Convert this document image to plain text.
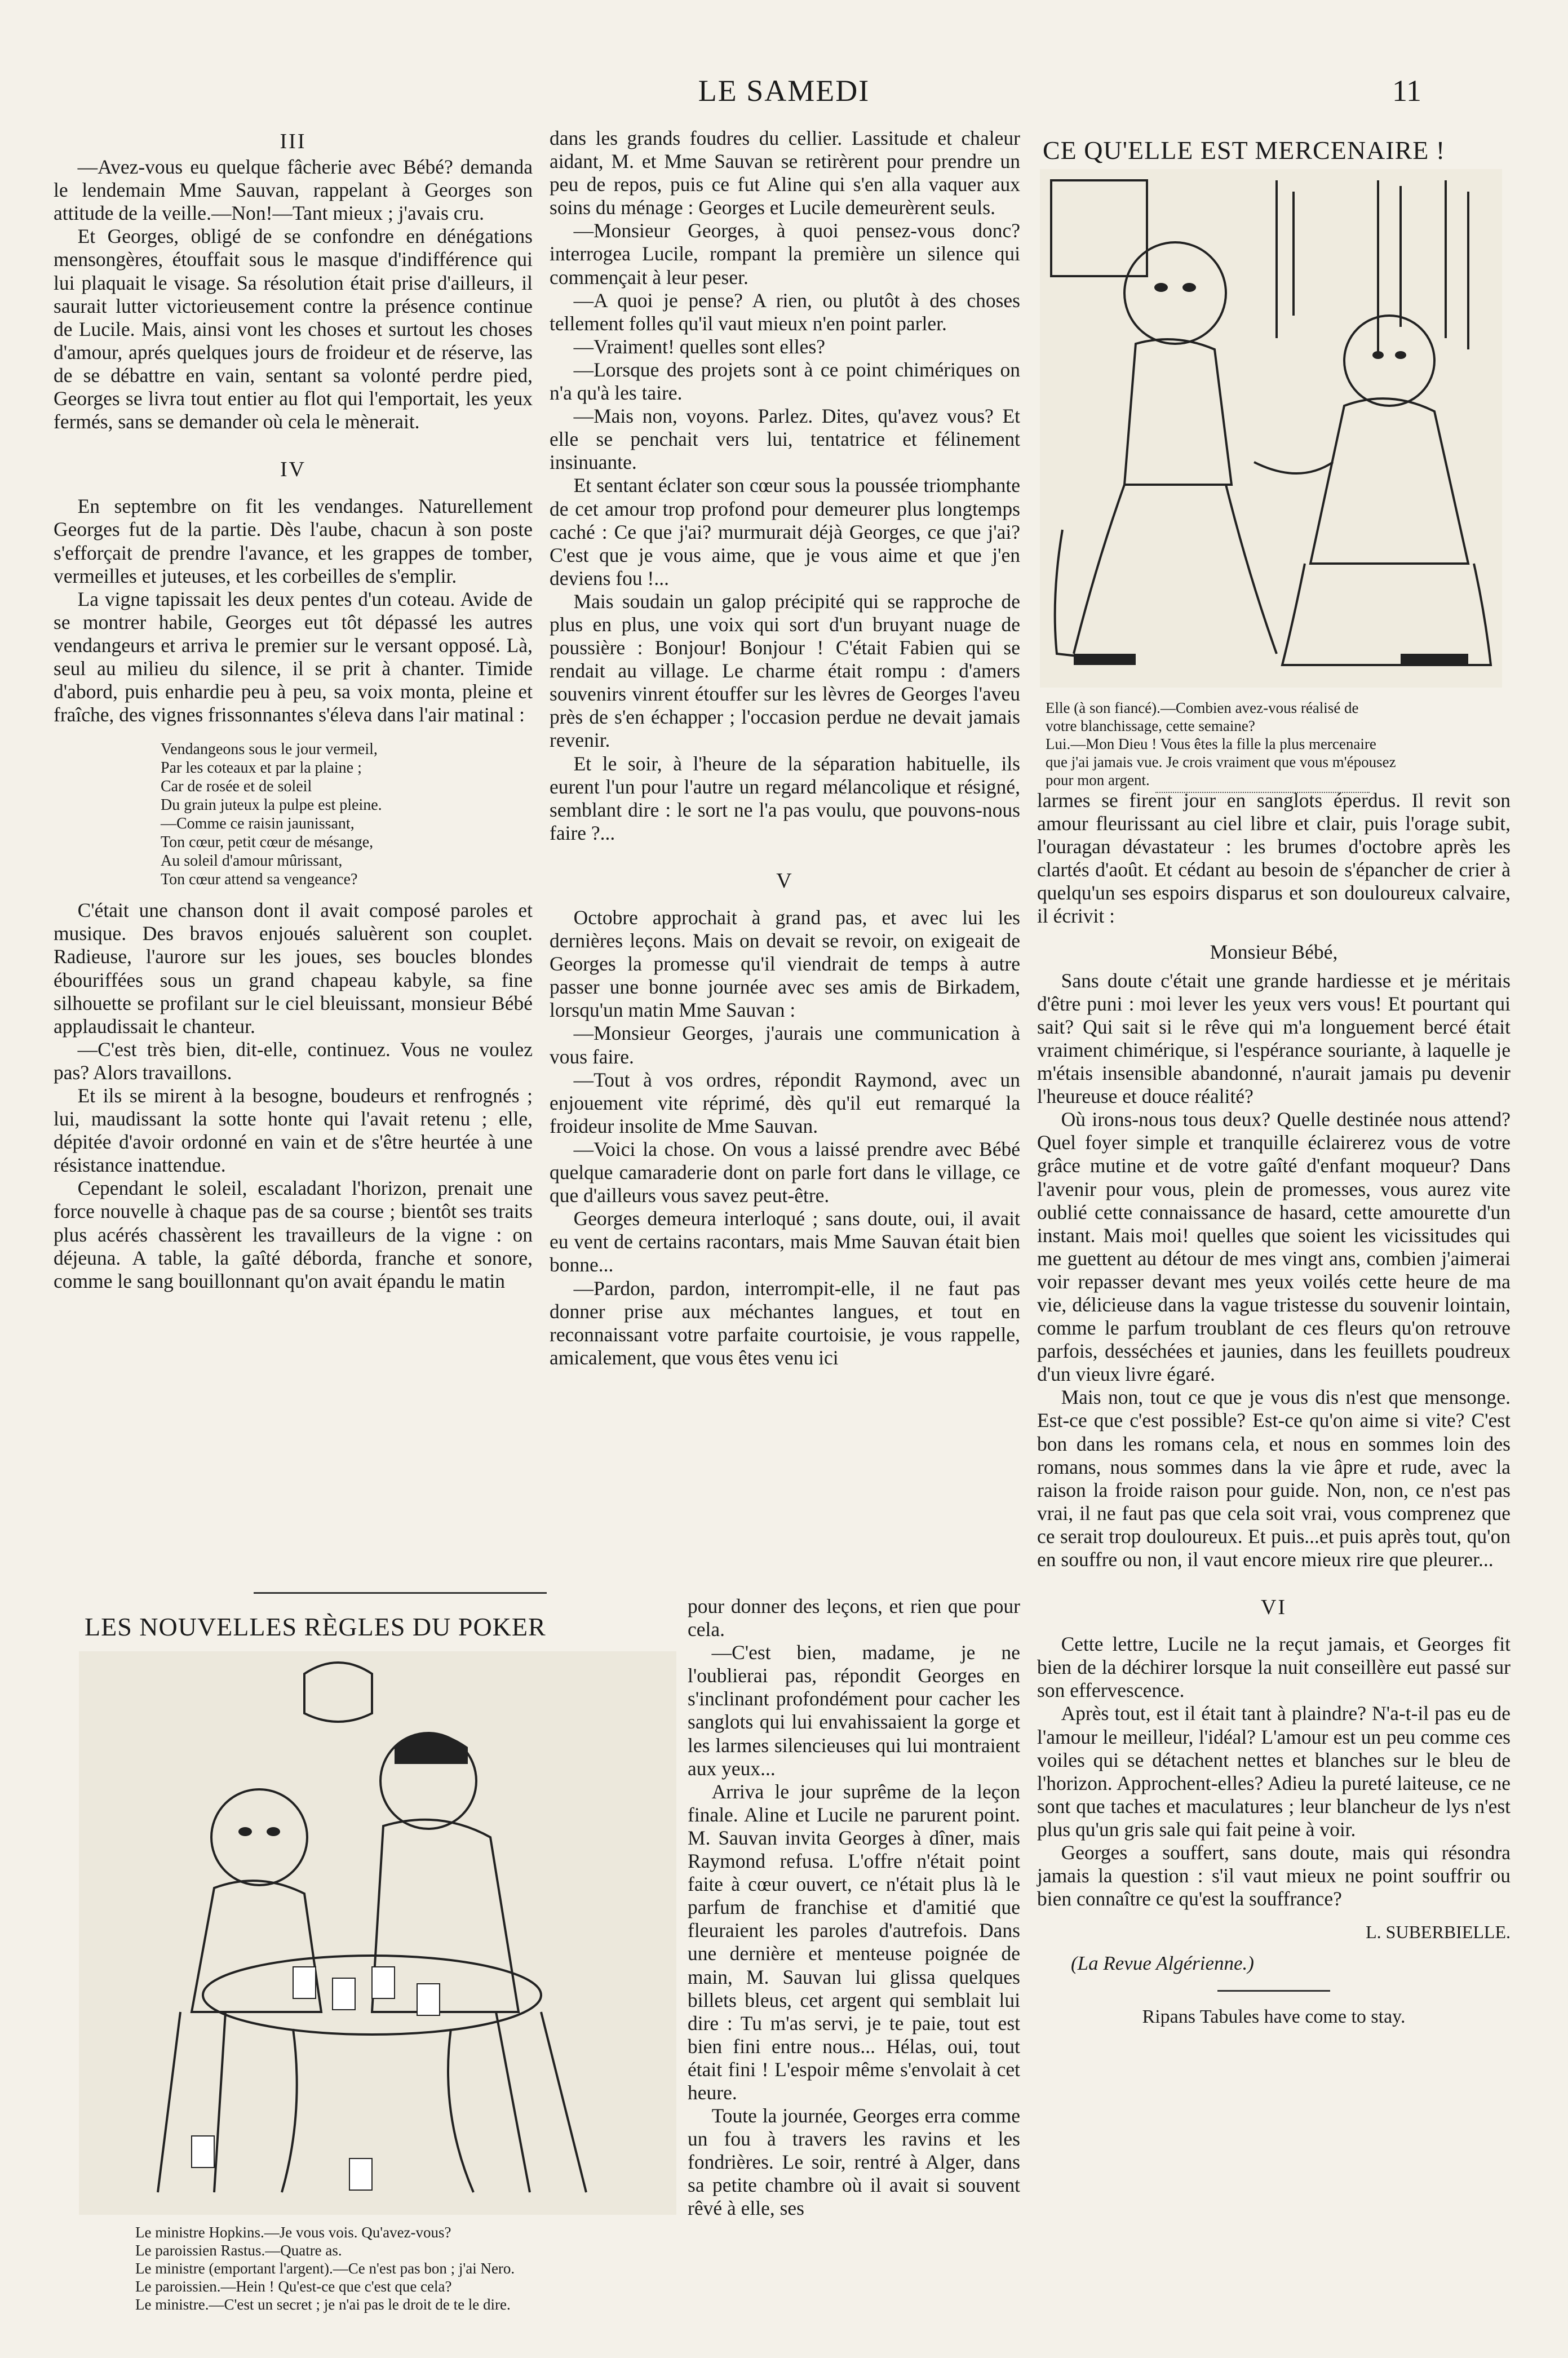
LE SAMEDI	11
III

—Avez-vous eu quelque fâcherie avec Bébé? demanda le lendemain Mme Sauvan, rappelant à Georges son attitude de la veille.—Non!—Tant mieux ; j'avais cru.

Et Georges, obligé de se confondre en dénégations mensongères, étouffait sous le masque d'indifférence qui lui plaquait le visage. Sa résolution était prise d'ailleurs, il saurait lutter victorieusement contre la présence continue de Lucile. Mais, ainsi vont les choses et surtout les choses d'amour, aprés quelques jours de froideur et de réserve, las de se débattre en vain, sentant sa volonté perdre pied, Georges se livra tout entier au flot qui l'emportait, les yeux fermés, sans se demander où cela le mènerait.

IV

En septembre on fit les vendanges. Naturellement Georges fut de la partie. Dès l'aube, chacun à son poste s'efforçait de prendre l'avance, et les grappes de tomber, vermeilles et juteuses, et les corbeilles de s'emplir.

La vigne tapissait les deux pentes d'un coteau. Avide de se montrer habile, Georges eut tôt dépassé les autres vendangeurs et arriva le premier sur le versant opposé. Là, seul au milieu du silence, il se prit à chanter. Timide d'abord, puis enhardie peu à peu, sa voix monta, pleine et fraîche, des vignes frissonnantes s'éleva dans l'air matinal :

Vendangeons sous le jour vermeil,
Par les coteaux et par la plaine ;
Car de rosée et de soleil
Du grain juteux la pulpe est pleine.
—Comme ce raisin jaunissant,
Ton cœur, petit cœur de mésange,
Au soleil d'amour mûrissant,
Ton cœur attend sa vengeance?

C'était une chanson dont il avait composé paroles et musique. Des bravos enjoués saluèrent son couplet. Radieuse, l'aurore sur les joues, ses boucles blondes ébouriffées sous un grand chapeau kabyle, sa fine silhouette se profilant sur le ciel bleuissant, monsieur Bébé applaudissait le chanteur.

—C'est très bien, dit-elle, continuez. Vous ne voulez pas? Alors travaillons.

Et ils se mirent à la besogne, boudeurs et renfrognés ; lui, maudissant la sotte honte qui l'avait retenu ; elle, dépitée d'avoir ordonné en vain et de s'être heurtée à une résistance inattendue.

Cependant le soleil, escaladant l'horizon, prenait une force nouvelle à chaque pas de sa course ; bientôt ses traits plus acérés chassèrent les travailleurs de la vigne : on déjeuna. A table, la gaîté déborda, franche et sonore, comme le sang bouillonnant qu'on avait épandu le matin

dans les grands foudres du cellier. Lassitude et chaleur aidant, M. et Mme Sauvan se retirèrent pour prendre un peu de repos, puis ce fut Aline qui s'en alla vaquer aux soins du ménage : Georges et Lucile demeurèrent seuls.

—Monsieur Georges, à quoi pensez-vous donc? interrogea Lucile, rompant la première un silence qui commençait à leur peser.

—A quoi je pense? A rien, ou plutôt à des choses tellement folles qu'il vaut mieux n'en point parler.

—Vraiment! quelles sont elles?

—Lorsque des projets sont à ce point chimériques on n'a qu'à les taire.

—Mais non, voyons. Parlez. Dites, qu'avez vous? Et elle se penchait vers lui, tentatrice et félinement insinuante.

Et sentant éclater son cœur sous la poussée triomphante de cet amour trop profond pour demeurer plus longtemps caché : Ce que j'ai? murmurait déjà Georges, ce que j'ai? C'est que je vous aime, que je vous aime et que j'en deviens fou !...

Mais soudain un galop précipité qui se rapproche de plus en plus, une voix qui sort d'un bruyant nuage de poussière : Bonjour! Bonjour ! C'était Fabien qui se rendait au village. Le charme était rompu : d'amers souvenirs vinrent étouffer sur les lèvres de Georges l'aveu près de s'en échapper ; l'occasion perdue ne devait jamais revenir.

Et le soir, à l'heure de la séparation habituelle, ils eurent l'un pour l'autre un regard mélancolique et résigné, semblant dire : le sort ne l'a pas voulu, que pouvons-nous faire ?...

V

Octobre approchait à grand pas, et avec lui les dernières leçons. Mais on devait se revoir, on exigeait de Georges la promesse qu'il viendrait de temps à autre passer une bonne journée avec ses amis de Birkadem, lorsqu'un matin Mme Sauvan :

—Monsieur Georges, j'aurais une communication à vous faire.

—Tout à vos ordres, répondit Raymond, avec un enjouement vite réprimé, dès qu'il eut remarqué la froideur insolite de Mme Sauvan.

—Voici la chose. On vous a laissé prendre avec Bébé quelque camaraderie dont on parle fort dans le village, ce que d'ailleurs vous savez peut-être.

Georges demeura interloqué ; sans doute, oui, il avait eu vent de certains racontars, mais Mme Sauvan était bien bonne...

—Pardon, pardon, interrompit-elle, il ne faut pas donner prise aux méchantes langues, et tout en reconnaissant votre parfaite courtoisie, je vous rappelle, amicalement, que vous êtes venu ici

pour donner des leçons, et rien que pour cela.

—C'est bien, madame, je ne l'oublierai pas, répondit Georges en s'inclinant profondément pour cacher les sanglots qui lui envahissaient la gorge et les larmes silencieuses qui lui montraient aux yeux...

Arriva le jour suprême de la leçon finale. Aline et Lucile ne parurent point. M. Sauvan invita Georges à dîner, mais Raymond refusa. L'offre n'était point faite à cœur ouvert, ce n'était plus là le parfum de franchise et d'amitié que fleuraient les paroles d'autrefois. Dans une dernière et menteuse poignée de main, M. Sauvan lui glissa quelques billets bleus, cet argent qui semblait lui dire : Tu m'as servi, je te paie, tout est bien fini entre nous... Hélas, oui, tout était fini ! L'espoir même s'envolait à cet heure.

Toute la journée, Georges erra comme un fou à travers les ravins et les fondrières. Le soir, rentré à Alger, dans sa petite chambre où il avait si souvent rêvé à elle, ses

larmes se firent jour en sanglots éperdus. Il revit son amour fleurissant au ciel libre et clair, puis l'orage subit, l'ouragan dévastateur : les brumes d'octobre après les clartés d'août. Et cédant au besoin de s'épancher de crier à quelqu'un ses espoirs disparus et son douloureux calvaire, il écrivit :

Monsieur Bébé,

Sans doute c'était une grande hardiesse et je méritais d'être puni : moi lever les yeux vers vous! Et pourtant qui sait? Qui sait si le rêve qui m'a longuement bercé était vraiment chimérique, si l'espérance souriante, à laquelle je m'étais insensible abandonné, n'aurait jamais pu devenir l'heureuse et douce réalité?

Où irons-nous tous deux? Quelle destinée nous attend? Quel foyer simple et tranquille éclairerez vous de votre grâce mutine et de votre gaîté d'enfant moqueur? Dans l'avenir pour vous, plein de promesses, vous aurez vite oublié cette connaissance de hasard, cette amourette d'un instant. Mais moi! quelles que soient les vicissitudes qui me guettent au détour de mes vingt ans, combien j'aimerai voir repasser devant mes yeux voilés cette heure de ma vie, délicieuse dans la vague tristesse du souvenir lointain, comme le parfum troublant de ces fleurs qu'on retrouve parfois, desséchées et jaunies, dans les feuillets poudreux d'un vieux livre égaré.

Mais non, tout ce que je vous dis n'est que mensonge. Est-ce que c'est possible? Est-ce qu'on aime si vite? C'est bon dans les romans cela, et nous en sommes loin des romans, nous sommes dans la vie âpre et rude, avec la raison la froide raison pour guide. Non, non, ce n'est pas vrai, il ne faut pas que cela soit vrai, vous comprenez que ce serait trop douloureux. Et puis...et puis après tout, qu'on en souffre ou non, il vaut encore mieux rire que pleurer...

VI

Cette lettre, Lucile ne la reçut jamais, et Georges fit bien de la déchirer lorsque la nuit conseillère eut passé sur son effervescence.

Après tout, est il était tant à plaindre? N'a-t-il pas eu de l'amour le meilleur, l'idéal? L'amour est un peu comme ces voiles qui se détachent nettes et blanches sur le bleu de l'horizon. Approchent-elles? Adieu la pureté laiteuse, ce ne sont que taches et maculatures ; leur blancheur de lys n'est plus qu'un gris sale qui fait peine à voir.

Georges a souffert, sans doute, mais qui résondra jamais la question : s'il vaut mieux ne point souffrir ou bien connaître ce qu'est la souffrance?

L. SUBERBIELLE.
(La Revue Algérienne.)
Ripans Tabules have come to stay.
CE QU'ELLE EST MERCENAIRE !
Elle (à son fiancé).—Combien avez-vous réalisé de
votre blanchissage, cette semaine?
Lui.—Mon Dieu ! Vous êtes la fille la plus mercenaire
que j'ai jamais vue. Je crois vraiment que vous m'épousez
pour mon argent.
LES NOUVELLES RÈGLES DU POKER
Le ministre Hopkins.—Je vous vois. Qu'avez-vous?
Le paroissien Rastus.—Quatre as.
Le ministre (emportant l'argent).—Ce n'est pas bon ; j'ai Nero.
Le paroissien.—Hein ! Qu'est-ce que c'est que cela?
Le ministre.—C'est un secret ; je n'ai pas le droit de te le dire.
